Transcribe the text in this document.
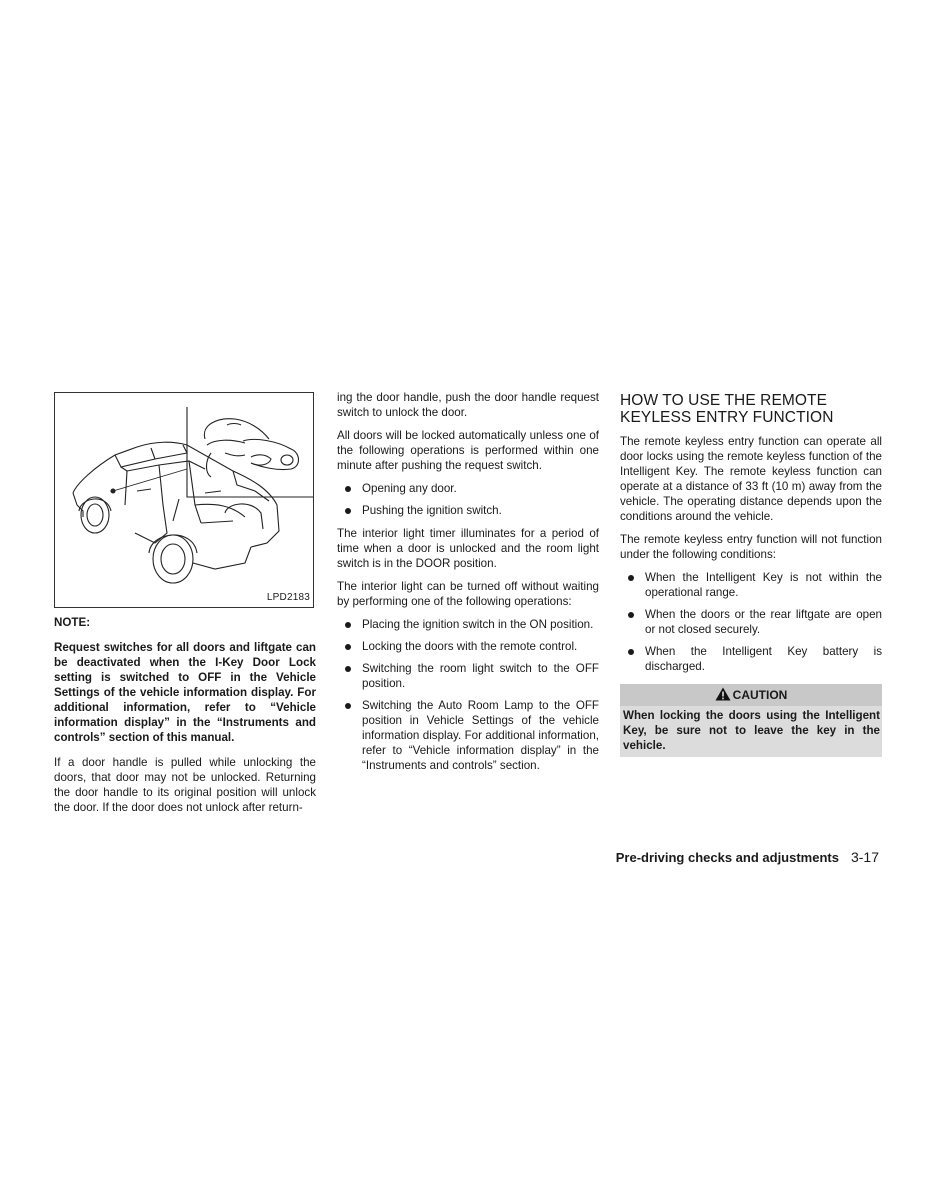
LPD2183
NOTE:

Request switches for all doors and liftgate can be deactivated when the I-Key Door Lock setting is switched to OFF in the Vehicle Settings of the vehicle information display. For additional information, refer to “Vehicle information display” in the “Instruments and controls” section of this manual.

If a door handle is pulled while unlocking the doors, that door may not be unlocked. Returning the door handle to its original position will unlock the door. If the door does not unlock after return-

ing the door handle, push the door handle request switch to unlock the door.

All doors will be locked automatically unless one of the following operations is performed within one minute after pushing the request switch.

Opening any door.
Pushing the ignition switch.

The interior light timer illuminates for a period of time when a door is unlocked and the room light switch is in the DOOR position.

The interior light can be turned off without waiting by performing one of the following operations:

Placing the ignition switch in the ON position.
Locking the doors with the remote control.
Switching the room light switch to the OFF position.
Switching the Auto Room Lamp to the OFF position in Vehicle Settings of the vehicle information display. For additional information, refer to “Vehicle information display” in the “Instruments and controls” section.
HOW TO USE THE REMOTE KEYLESS ENTRY FUNCTION

The remote keyless entry function can operate all door locks using the remote keyless function of the Intelligent Key. The remote keyless function can operate at a distance of 33 ft (10 m) away from the vehicle. The operating distance depends upon the conditions around the vehicle.

The remote keyless entry function will not function under the following conditions:

When the Intelligent Key is not within the operational range.
When the doors or the rear liftgate are open or not closed securely.
When the Intelligent Key battery is discharged.
CAUTION
When locking the doors using the Intelligent Key, be sure not to leave the key in the vehicle.
Pre-driving checks and adjustments 3-17
